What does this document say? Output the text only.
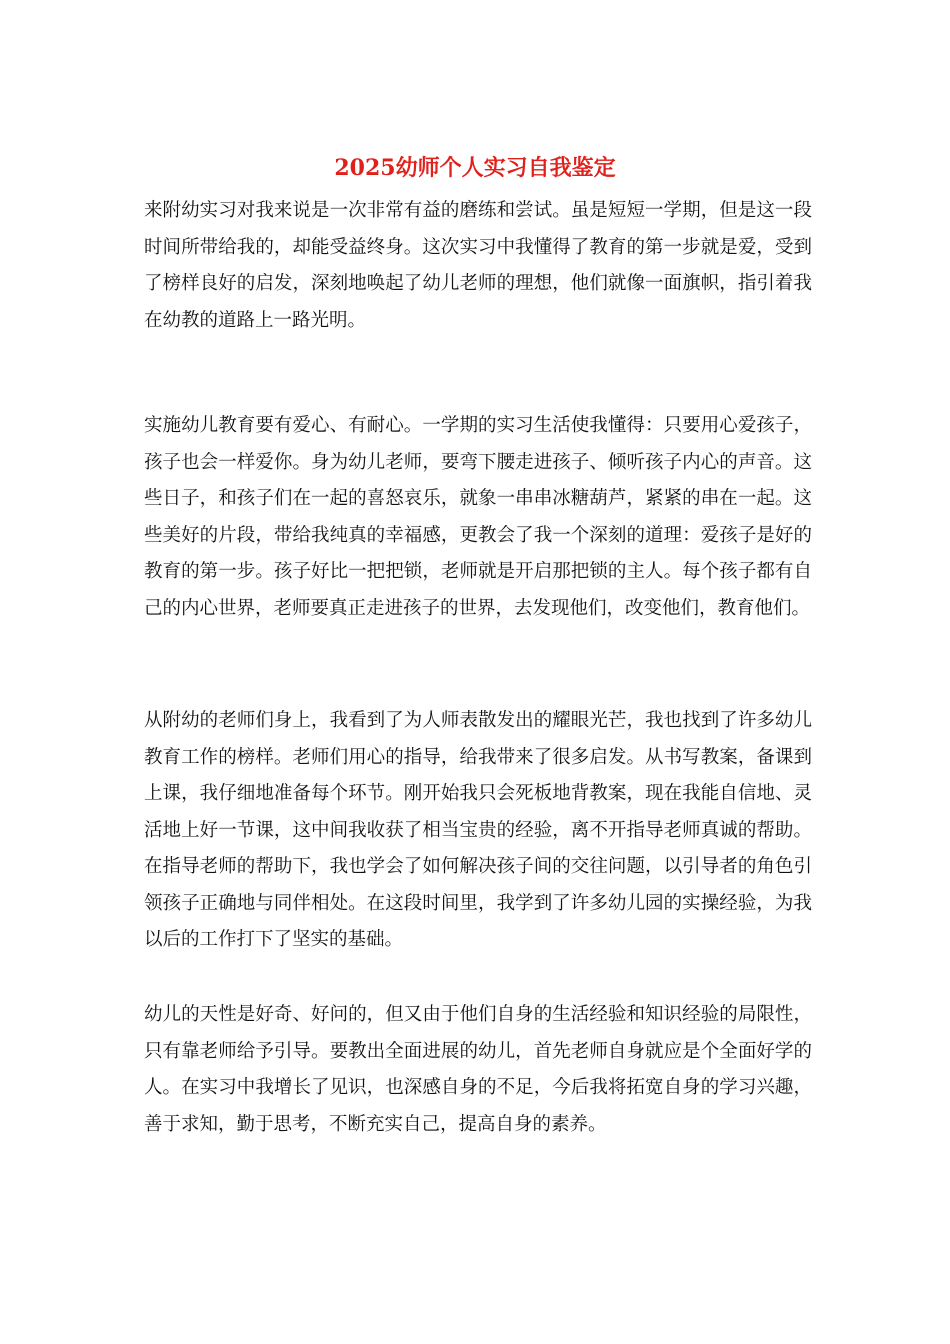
2025幼师个人实习自我鉴定

来附幼实习对我来说是一次非常有益的磨练和尝试。虽是短短一学期，但是这一段时间所带给我的，却能受益终身。这次实习中我懂得了教育的第一步就是爱，受到了榜样良好的启发，深刻地唤起了幼儿老师的理想，他们就像一面旗帜，指引着我在幼教的道路上一路光明。

实施幼儿教育要有爱心、有耐心。一学期的实习生活使我懂得：只要用心爱孩子，孩子也会一样爱你。身为幼儿老师，要弯下腰走进孩子、倾听孩子内心的声音。这些日子，和孩子们在一起的喜怒哀乐，就象一串串冰糖葫芦，紧紧的串在一起。这些美好的片段，带给我纯真的幸福感，更教会了我一个深刻的道理：爱孩子是好的教育的第一步。孩子好比一把把锁，老师就是开启那把锁的主人。每个孩子都有自己的内心世界，老师要真正走进孩子的世界，去发现他们，改变他们，教育他们。

从附幼的老师们身上，我看到了为人师表散发出的耀眼光芒，我也找到了许多幼儿教育工作的榜样。老师们用心的指导，给我带来了很多启发。从书写教案，备课到上课，我仔细地准备每个环节。刚开始我只会死板地背教案，现在我能自信地、灵活地上好一节课，这中间我收获了相当宝贵的经验，离不开指导老师真诚的帮助。在指导老师的帮助下，我也学会了如何解决孩子间的交往问题，以引导者的角色引领孩子正确地与同伴相处。在这段时间里，我学到了许多幼儿园的实操经验，为我以后的工作打下了坚实的基础。

幼儿的天性是好奇、好问的，但又由于他们自身的生活经验和知识经验的局限性，只有靠老师给予引导。要教出全面进展的幼儿，首先老师自身就应是个全面好学的人。在实习中我增长了见识，也深感自身的不足，今后我将拓宽自身的学习兴趣，善于求知，勤于思考，不断充实自己，提高自身的素养。
